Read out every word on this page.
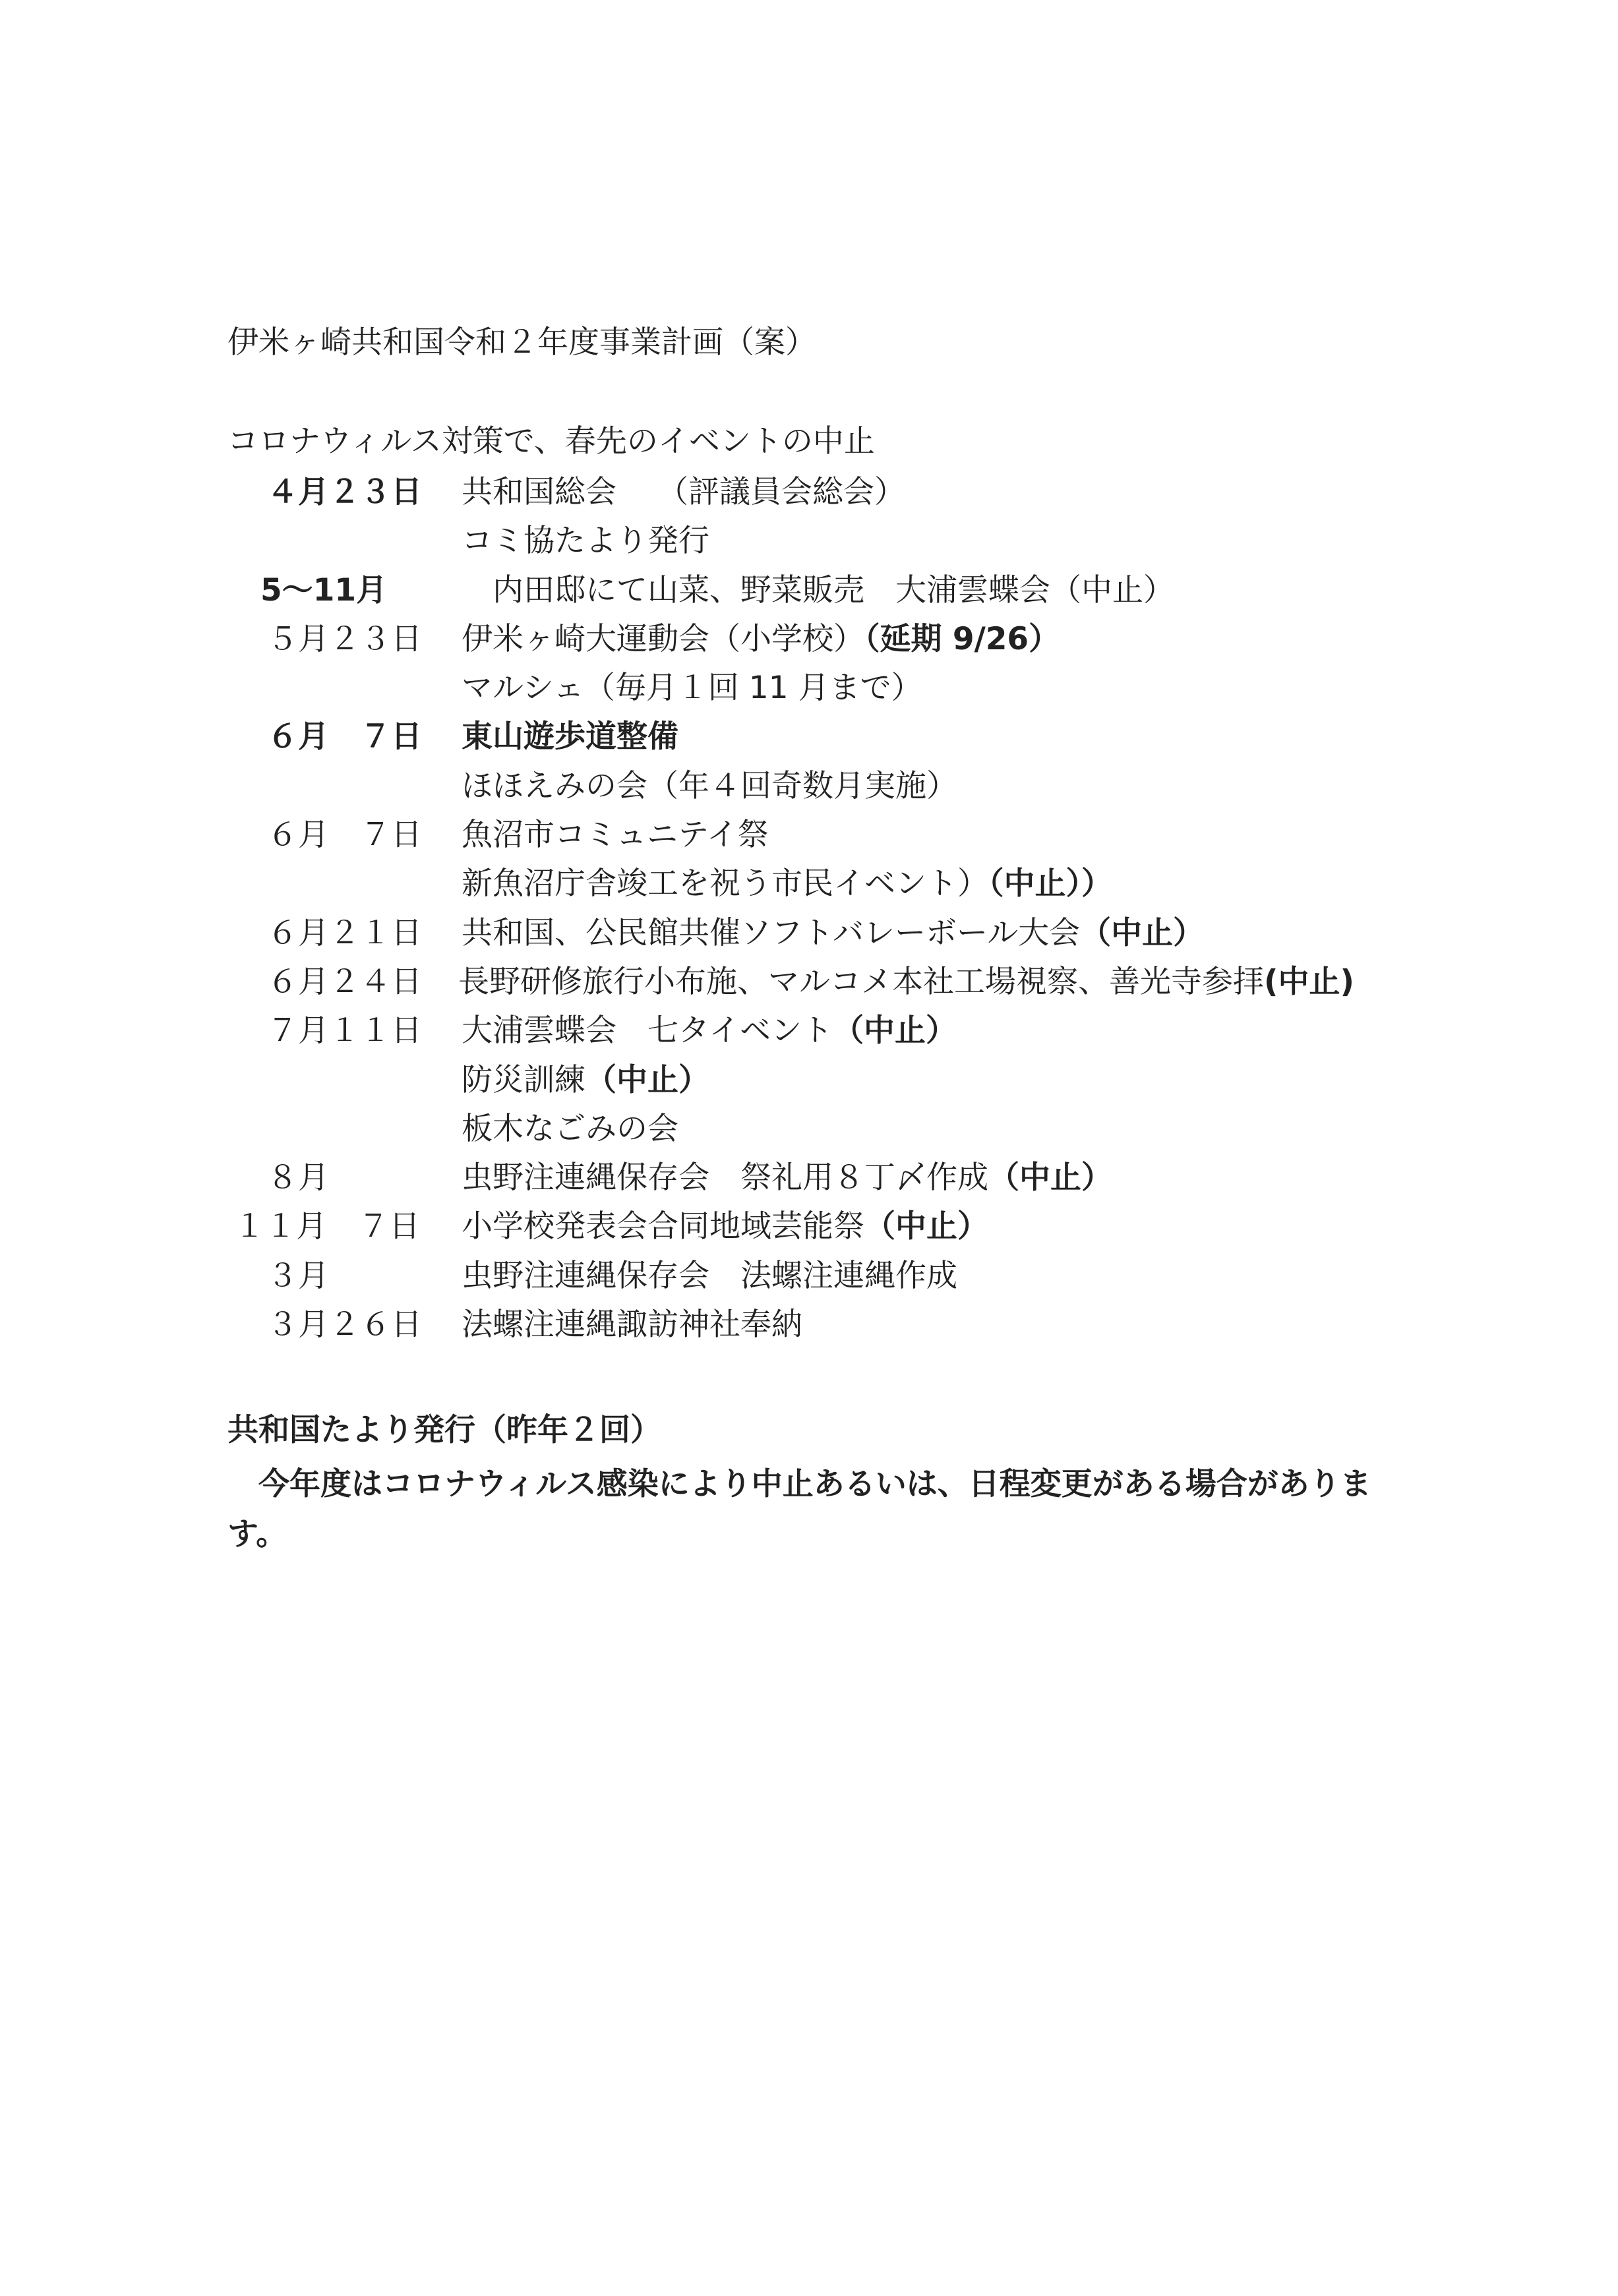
伊米ヶ崎共和国令和２年度事業計画（案）
コロナウィルス対策で、春先のイベントの中止
４月２３日 共和国総会　 （評議員会総会）
コミ協たより発行
5～11月 　内田邸にて山菜、野菜販売　大浦雲蝶会（中止）
５月２３日 伊米ヶ崎大運動会（小学校）（延期 9/26）
マルシェ（毎月１回 11 月まで）
６月　７日 東山遊歩道整備
ほほえみの会（年４回奇数月実施）
６月　７日 魚沼市コミュニテイ祭
新魚沼庁舎竣工を祝う市民イベント）（中止））
６月２１日 共和国、公民館共催ソフトバレーボール大会（中止）
６月２４日 長野研修旅行小布施、マルコメ本社工場視察、善光寺参拝(中止)
７月１１日 大浦雲蝶会　七タイベント（中止）
防災訓練（中止）
板木なごみの会
８月	虫野注連縄保存会　祭礼用８丁〆作成（中止）
１１月　７日 小学校発表会合同地域芸能祭（中止）
３月	虫野注連縄保存会　法螺注連縄作成
３月２６日 法螺注連縄諏訪神社奉納
共和国たより発行（昨年２回）
今年度はコロナウィルス感染により中止あるいは、日程変更がある場合があります。
